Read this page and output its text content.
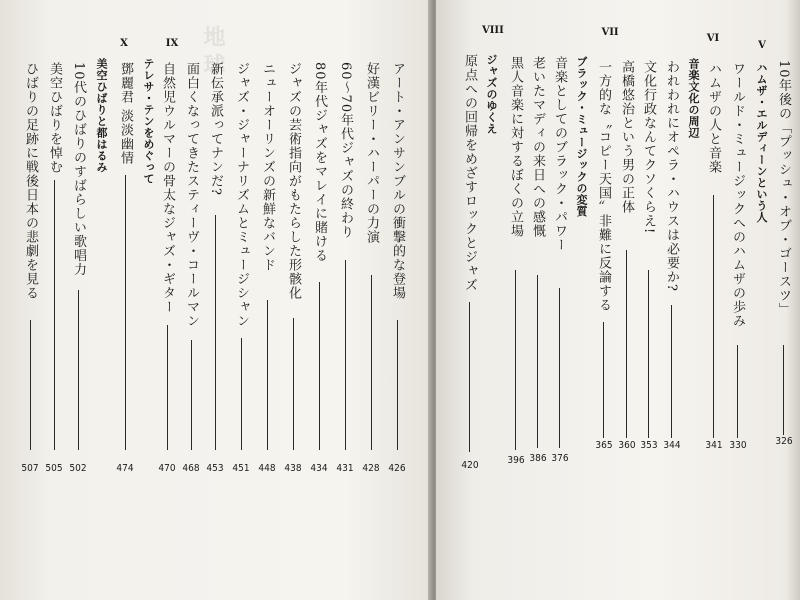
地球
X	IX
アート・アンサンブルの衝撃的な登場
426
好漢ビリー・ハーパーの力演
428
60〜70年代ジャズの終わり
431
80年代ジャズをマレイに賭ける
434
ジャズの芸術指向がもたらした形骸化
438
ニューオーリンズの新鮮なバンド
448
ジャズ・ジャーナリズムとミュージシャン
451
新伝承派ってナンだ?
453
面白くなってきたスティーヴ・コールマン
468
自然児ウルマーの骨太なジャズ・ギター
470
テレサ・テンをめぐって
鄧麗君 淡淡幽情
474
美空ひばりと都はるみ
10代のひばりのすばらしい歌唱力
502
美空ひばりを悼む
505
ひばりの足跡に戦後日本の悲劇を見る
507
V
VI
VII
VIII
10年後の「プッシュ・オブ・ゴースツ」
326
ハムザ・エルディーンという人
ワールド・ミュージックへのハムザの歩み
330
ハムザの人と音楽
341
音楽文化の周辺
われわれにオペラ・ハウスは必要か?
344
文化行政なんてクソくらえ!
353
高橋悠治という男の正体
360
一方的な〝コピー天国〟非難に反論する
365
ブラック・ミュージックの変質
音楽としてのブラック・パワー
376
老いたマディの来日への感慨
386
黒人音楽に対するぼくの立場
396
ジャズのゆくえ
原点への回帰をめざすロックとジャズ
420
